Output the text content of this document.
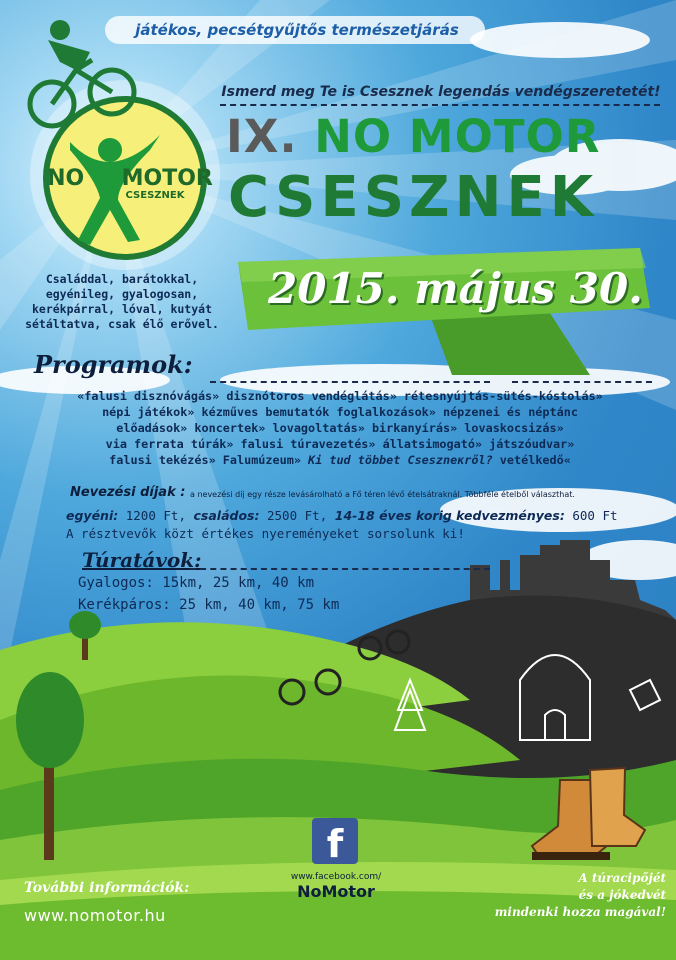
játékos, pecsétgyűjtős természetjárás
NO MOTOR
CSESZNEK
Ismerd meg Te is Csesznek legendás vendégszeretetét!
IX. NO MOTOR
CSESZNEK
2015. május 30.
Családdal, barátokkal,
egyénileg, gyalogosan,
kerékpárral, lóval, kutyát
sétáltatva, csak élő erővel.
Programok:
«falusi disznóvágás» disznótoros vendéglátás» rétesnyújtás-sütés-kóstolás»
népi játékok» kézműves bemutatók foglalkozások» népzenei és néptánc
előadások» koncertek» lovagoltatás» birkanyírás» lovaskocsizás»
via ferrata túrák» falusi túravezetés» állatsimogató» játszóudvar»
falusi tekézés» Falumúzeum» Ki tud többet Cseszneкről? vetélkedő«
Nevezési díjak : a nevezési díj egy része levásárolható a Fő téren lévő ételsátraknál. Többféle ételből választhat.
egyéni: 1200 Ft, családos: 2500 Ft, 14-18 éves korig kedvezményes: 600 Ft
A résztvevők közt értékes nyereményeket sorsolunk ki!
Túratávok:
Gyalogos: 15km, 25 km, 40 km
Kerékpáros: 25 km, 40 km, 75 km
f
www.facebook.com/
NoMotor
További információk:
www.nomotor.hu
A túracipőjét
és a jókedvét
mindenki hozza magával!
